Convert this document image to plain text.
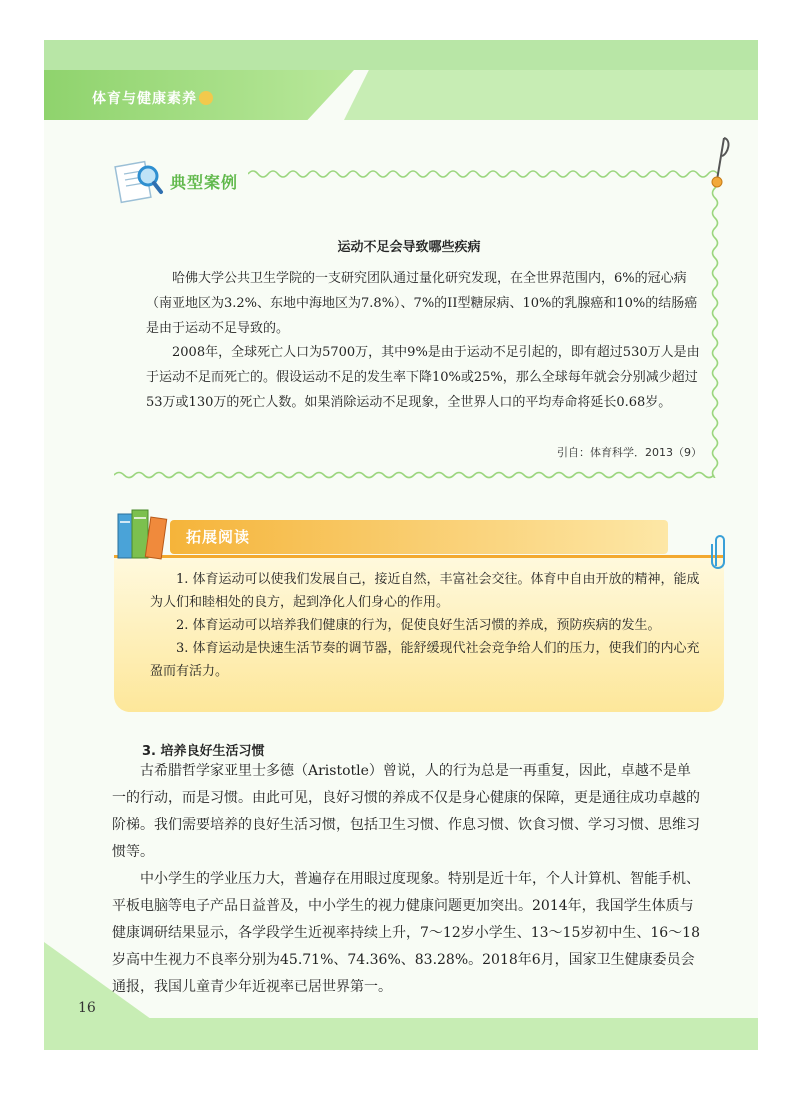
体育与健康素养
典型案例
运动不足会导致哪些疾病
哈佛大学公共卫生学院的一支研究团队通过量化研究发现，在全世界范围内，6%的冠心病（南亚地区为3.2%、东地中海地区为7.8%）、7%的II型糖尿病、10%的乳腺癌和10%的结肠癌是由于运动不足导致的。
2008年，全球死亡人口为5700万，其中9%是由于运动不足引起的，即有超过530万人是由于运动不足而死亡的。假设运动不足的发生率下降10%或25%，那么全球每年就会分别减少超过53万或130万的死亡人数。如果消除运动不足现象，全世界人口的平均寿命将延长0.68岁。
引自：体育科学．2013（9）
1. 体育运动可以使我们发展自己，接近自然，丰富社会交往。体育中自由开放的精神，能成为人们和睦相处的良方，起到净化人们身心的作用。
2. 体育运动可以培养我们健康的行为，促使良好生活习惯的养成，预防疾病的发生。
3. 体育运动是快速生活节奏的调节器，能舒缓现代社会竞争给人们的压力，使我们的内心充盈而有活力。
拓展阅读
3. 培养良好生活习惯
古希腊哲学家亚里士多德（Aristotle）曾说，人的行为总是一再重复，因此，卓越不是单一的行动，而是习惯。由此可见，良好习惯的养成不仅是身心健康的保障，更是通往成功卓越的阶梯。我们需要培养的良好生活习惯，包括卫生习惯、作息习惯、饮食习惯、学习习惯、思维习惯等。
中小学生的学业压力大，普遍存在用眼过度现象。特别是近十年，个人计算机、智能手机、平板电脑等电子产品日益普及，中小学生的视力健康问题更加突出。2014年，我国学生体质与健康调研结果显示，各学段学生近视率持续上升，7～12岁小学生、13～15岁初中生、16～18岁高中生视力不良率分别为45.71%、74.36%、83.28%。2018年6月，国家卫生健康委员会通报，我国儿童青少年近视率已居世界第一。
16
